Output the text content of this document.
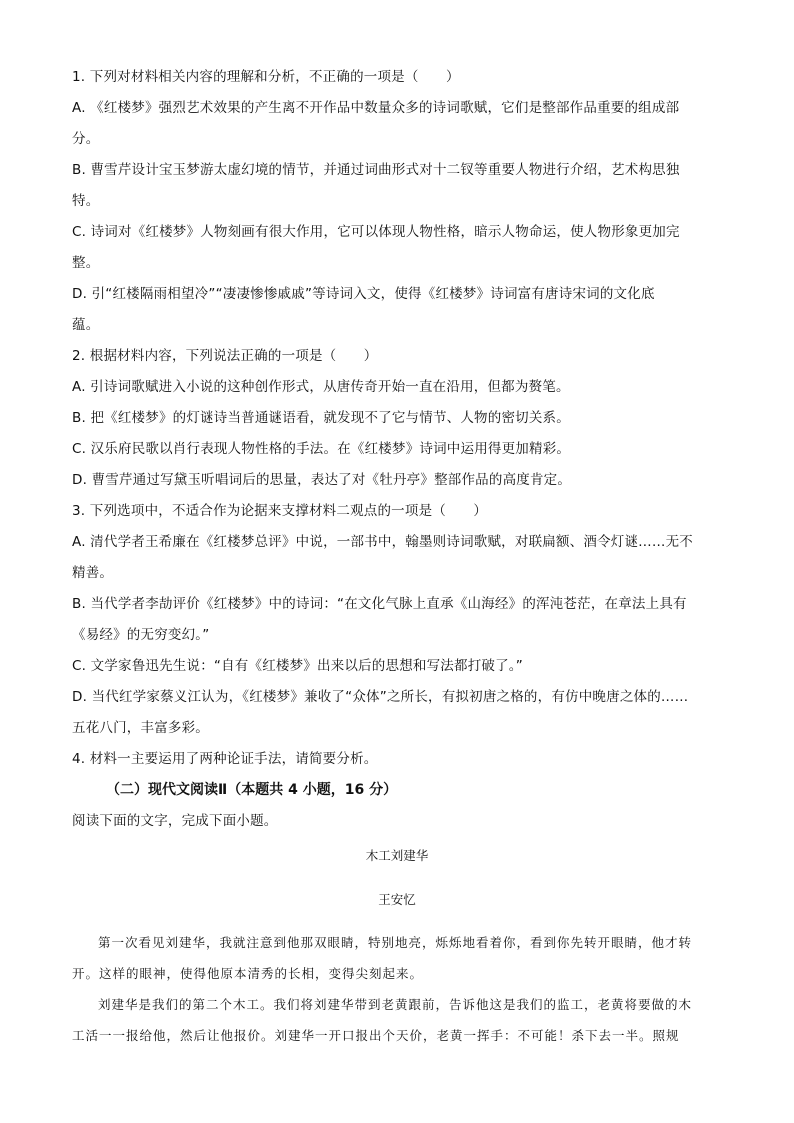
1. 下列对材料相关内容的理解和分析，不正确的一项是（　　）

A. 《红楼梦》强烈艺术效果的产生离不开作品中数量众多的诗词歌赋，它们是整部作品重要的组成部

分。

B. 曹雪芹设计宝玉梦游太虚幻境的情节，并通过词曲形式对十二钗等重要人物进行介绍，艺术构思独

特。

C. 诗词对《红楼梦》人物刻画有很大作用，它可以体现人物性格，暗示人物命运，使人物形象更加完

整。

D. 引“红楼隔雨相望冷”“凄凄惨惨戚戚”等诗词入文，使得《红楼梦》诗词富有唐诗宋词的文化底

蕴。

2. 根据材料内容，下列说法正确的一项是（　　）

A. 引诗词歌赋进入小说的这种创作形式，从唐传奇开始一直在沿用，但都为赘笔。

B. 把《红楼梦》的灯谜诗当普通谜语看，就发现不了它与情节、人物的密切关系。

C. 汉乐府民歌以肖行表现人物性格的手法。在《红楼梦》诗词中运用得更加精彩。

D. 曹雪芹通过写黛玉听唱词后的思量，表达了对《牡丹亭》整部作品的高度肯定。

3. 下列选项中，不适合作为论据来支撑材料二观点的一项是（　　）

A. 清代学者王希廉在《红楼梦总评》中说，一部书中，翰墨则诗词歌赋，对联扁额、酒令灯谜……无不

精善。

B. 当代学者李劼评价《红楼梦》中的诗词：“在文化气脉上直承《山海经》的浑沌苍茫，在章法上具有

《易经》的无穷变幻。”

C. 文学家鲁迅先生说：“自有《红楼梦》出来以后的思想和写法都打破了。”

D. 当代红学家蔡义江认为，《红楼梦》兼收了“众体”之所长，有拟初唐之格的，有仿中晚唐之体的……

五花八门，丰富多彩。

4. 材料一主要运用了两种论证手法，请简要分析。

（二）现代文阅读Ⅱ（本题共 4 小题，16 分）

阅读下面的文字，完成下面小题。

木工刘建华

王安忆

第一次看见刘建华，我就注意到他那双眼睛，特别地亮，烁烁地看着你，看到你先转开眼睛，他才转

开。这样的眼神，使得他原本清秀的长相，变得尖刻起来。

刘建华是我们的第二个木工。我们将刘建华带到老黄跟前，告诉他这是我们的监工，老黄将要做的木

工活一一报给他，然后让他报价。刘建华一开口报出个天价，老黄一挥手：不可能！杀下去一半。照规
